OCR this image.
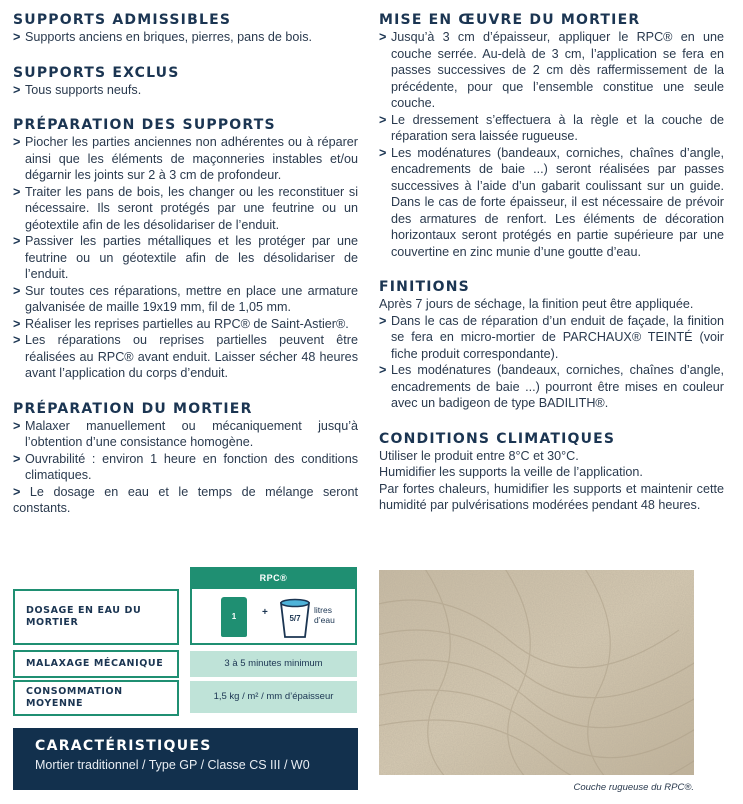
SUPPORTS ADMISSIBLES
> Supports anciens en briques, pierres, pans de bois.
SUPPORTS EXCLUS
> Tous supports neufs.
PRÉPARATION DES SUPPORTS
> Piocher les parties anciennes non adhérentes ou à réparer ainsi que les éléments de maçonneries instables et/ou dégarnir les joints sur 2 à 3 cm de profondeur.
> Traiter les pans de bois, les changer ou les reconstituer si nécessaire. Ils seront protégés par une feutrine ou un géotextile afin de les désolidariser de l’enduit.
> Passiver les parties métalliques et les protéger par une feutrine ou un géotextile afin de les désolidariser de l’enduit.
> Sur toutes ces réparations, mettre en place une armature galvanisée de maille 19x19 mm, fil de 1,05 mm.
> Réaliser les reprises partielles au RPC® de Saint-Astier®.
> Les réparations ou reprises partielles peuvent être réalisées au RPC® avant enduit. Laisser sécher 48 heures avant l’application du corps d’enduit.
PRÉPARATION DU MORTIER
> Malaxer manuellement ou mécaniquement jusqu’à l’obtention d’une consistance homogène.
> Ouvrabilité : environ 1 heure en fonction des conditions climatiques.

> Le dosage en eau et le temps de mélange seront constants.

RPC®
1	+
5/7
litres d’eau
DOSAGE EN EAU DU MORTIER
MALAXAGE MÉCANIQUE	3 à 5 minutes minimum
CONSOMMATION MOYENNE
1,5 kg / m² / mm d’épaisseur
CARACTÉRISTIQUES

Mortier traditionnel / Type GP / Classe CS III / W0

MISE EN ŒUVRE DU MORTIER
> Jusqu’à 3 cm d’épaisseur, appliquer le RPC® en une couche serrée. Au-delà de 3 cm, l’application se fera en passes successives de 2 cm dès raffermissement de la précédente, pour que l’ensemble constitue une seule couche.
> Le dressement s’effectuera à la règle et la couche de réparation sera laissée rugueuse.
> Les modénatures (bandeaux, corniches, chaînes d’angle, encadrements de baie ...) seront réalisées par passes successives à l’aide d’un gabarit coulissant sur un guide. Dans le cas de forte épaisseur, il est nécessaire de prévoir des armatures de renfort. Les éléments de décoration horizontaux seront protégés en partie supérieure par une couvertine en zinc munie d’une goutte d’eau.
FINITIONS

Après 7 jours de séchage, la finition peut être appliquée.

> Dans le cas de réparation d’un enduit de façade, la finition se fera en micro-mortier de PARCHAUX® TEINTÉ (voir fiche produit correspondante).
> Les modénatures (bandeaux, corniches, chaînes d’angle, encadrements de baie ...) pourront être mises en couleur avec un badigeon de type BADILITH®.
CONDITIONS CLIMATIQUES

Utiliser le produit entre 8°C et 30°C.

Humidifier les supports la veille de l’application.

Par fortes chaleurs, humidifier les supports et maintenir cette humidité par pulvérisations modérées pendant 48 heures.

Couche rugueuse du RPC®.
